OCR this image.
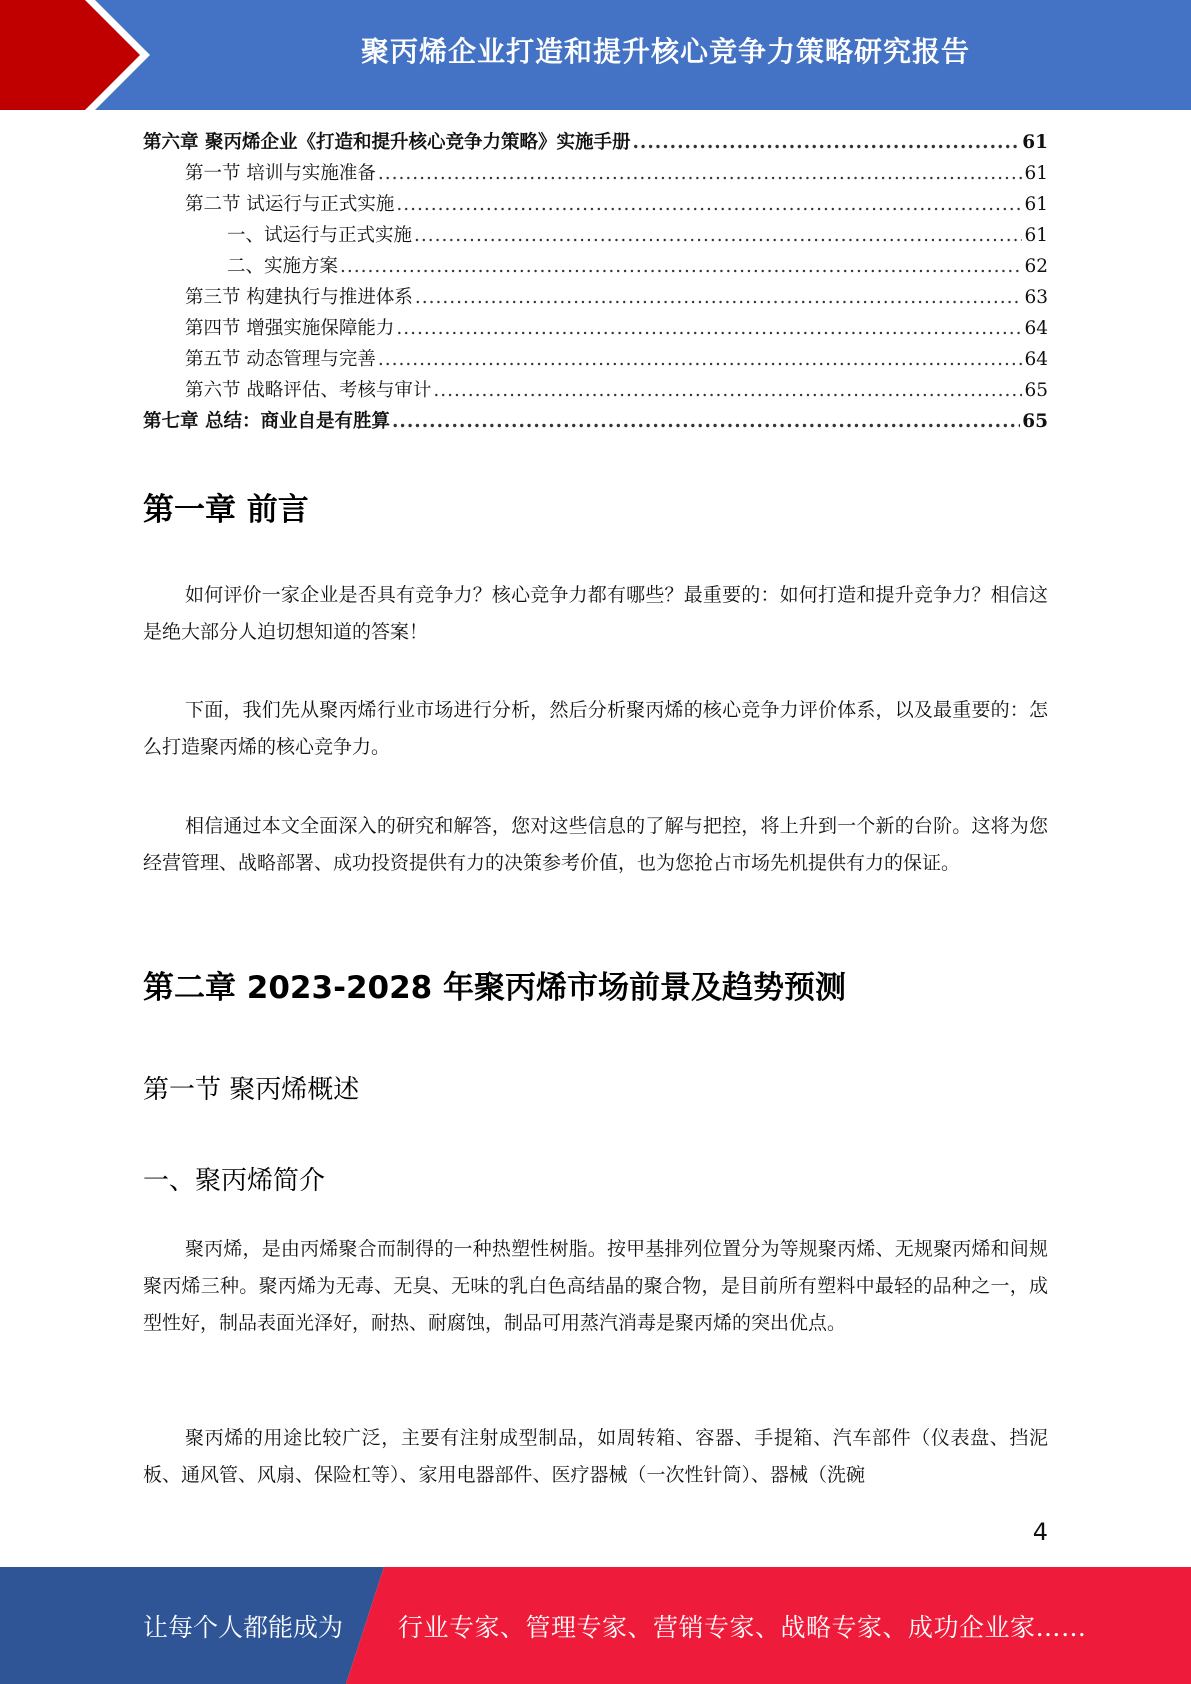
聚丙烯企业打造和提升核心竞争力策略研究报告
第六章 聚丙烯企业《打造和提升核心竞争力策略》实施手册 .....	61
第一节 培训与实施准备 .....	61
第二节 试运行与正式实施 .....	61
一、试运行与正式实施 .....	61
二、实施方案 .....	62
第三节 构建执行与推进体系 .....	63
第四节 增强实施保障能力 .....	64
第五节 动态管理与完善 .....	64
第六节 战略评估、考核与审计 .....	65
第七章 总结：商业自是有胜算 .....	65
第一章 前言

如何评价一家企业是否具有竞争力？核心竞争力都有哪些？最重要的：如何打造和提升竞争力？相信这是绝大部分人迫切想知道的答案！

下面，我们先从聚丙烯行业市场进行分析，然后分析聚丙烯的核心竞争力评价体系，以及最重要的：怎么打造聚丙烯的核心竞争力。

相信通过本文全面深入的研究和解答，您对这些信息的了解与把控，将上升到一个新的台阶。这将为您经营管理、战略部署、成功投资提供有力的决策参考价值，也为您抢占市场先机提供有力的保证。

第二章 2023-2028 年聚丙烯市场前景及趋势预测
第一节 聚丙烯概述
一、聚丙烯简介

聚丙烯，是由丙烯聚合而制得的一种热塑性树脂。按甲基排列位置分为等规聚丙烯、无规聚丙烯和间规聚丙烯三种。聚丙烯为无毒、无臭、无味的乳白色高结晶的聚合物，是目前所有塑料中最轻的品种之一，成型性好，制品表面光泽好，耐热、耐腐蚀，制品可用蒸汽消毒是聚丙烯的突出优点。

聚丙烯的用途比较广泛，主要有注射成型制品，如周转箱、容器、手提箱、汽车部件（仪表盘、挡泥板、通风管、风扇、保险杠等）、家用电器部件、医疗器械（一次性针筒）、器械（洗碗

4
让每个人都能成为 行业专家、管理专家、营销专家、战略专家、成功企业家……
